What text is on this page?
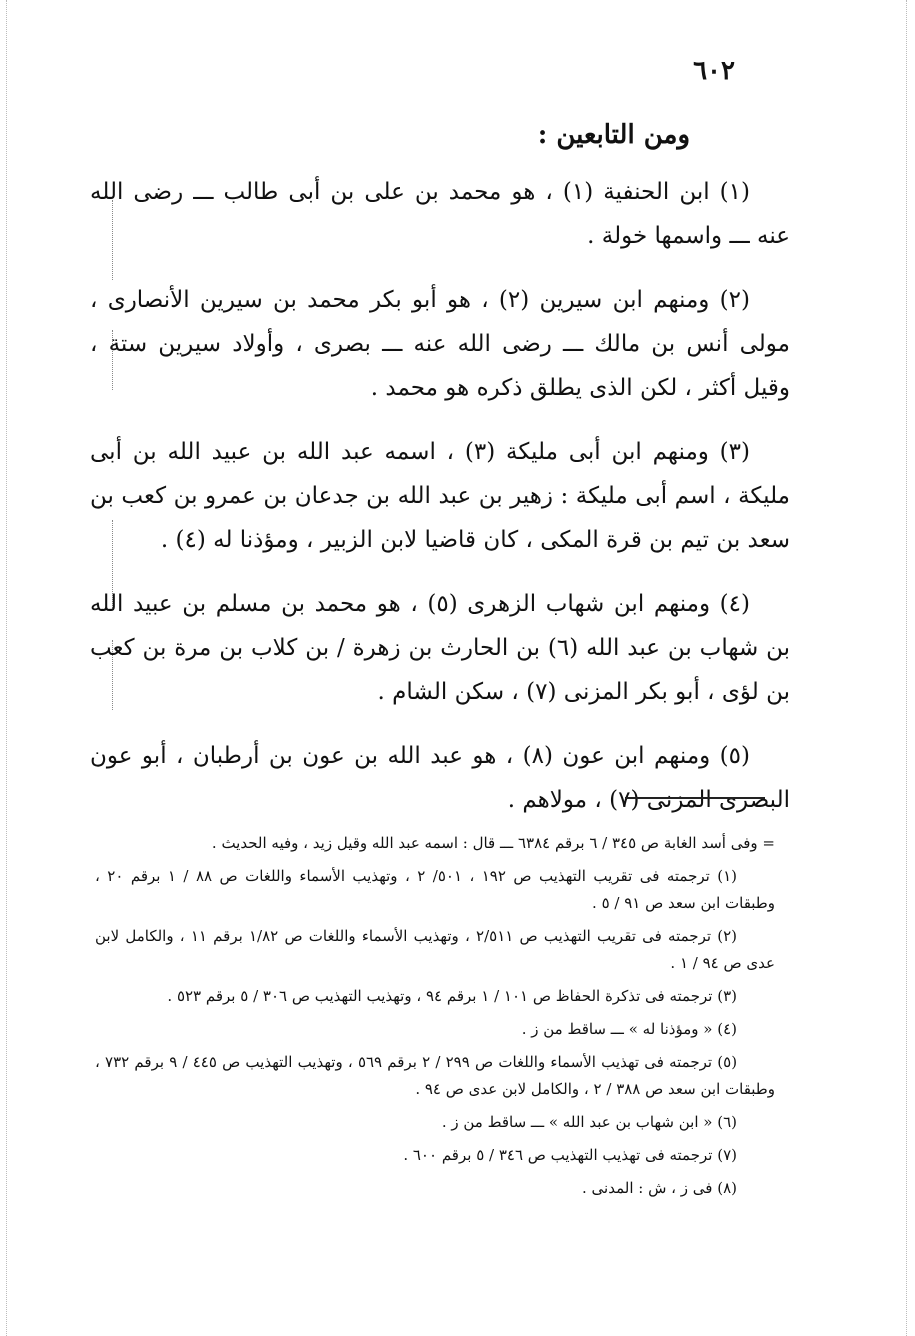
٦٠٢
ومن التابعين :

(١) ابن الحنفية (١) ، هو محمد بن على بن أبى طالب ـــ رضى الله عنه ـــ واسمها خولة .

(٢) ومنهم ابن سيرين (٢) ، هو أبو بكر محمد بن سيرين الأنصارى ، مولى أنس بن مالك ـــ رضى الله عنه ـــ بصرى ، وأولاد سيرين ستة ، وقيل أكثر ، لكن الذى يطلق ذكره هو محمد .

(٣) ومنهم ابن أبى مليكة (٣) ، اسمه عبد الله بن عبيد الله بن أبى مليكة ، اسم أبى مليكة : زهير بن عبد الله بن جدعان بن عمرو بن كعب بن سعد بن تيم بن قرة المكى ، كان قاضيا لابن الزبير ، ومؤذنا له (٤) .

(٤) ومنهم ابن شهاب الزهرى (٥) ، هو محمد بن مسلم بن عبيد الله بن شهاب بن عبد الله (٦) بن الحارث بن زهرة / بن كلاب بن مرة بن كعب بن لؤى ، أبو بكر المزنى (٧) ، سكن الشام .

(٥) ومنهم ابن عون (٨) ، هو عبد الله بن عون بن أرطبان ، أبو عون البصرى المزنى (٧) ، مولاهم .

= وفى أسد الغابة ص ٣٤٥ / ٦ برقم ٦٣٨٤ ـــ قال : اسمه عبد الله وقيل زيد ، وفيه الحديث .

(١) ترجمته فى تقريب التهذيب ص ١٩٢ ، ٥٠١/ ٢ ، وتهذيب الأسماء واللغات ص ٨٨ / ١ برقم ٢٠ ، وطبقات ابن سعد ص ٩١ / ٥ .

(٢) ترجمته فى تقريب التهذيب ص ٢/٥١١ ، وتهذيب الأسماء واللغات ص ١/٨٢ برقم ١١ ، والكامل لابن عدى ص ٩٤ / ١ .

(٣) ترجمته فى تذكرة الحفاظ ص ١٠١ / ١ برقم ٩٤ ، وتهذيب التهذيب ص ٣٠٦ / ٥ برقم ٥٢٣ .

(٤) « ومؤذنا له » ـــ ساقط من ز .

(٥) ترجمته فى تهذيب الأسماء واللغات ص ٢٩٩ / ٢ برقم ٥٦٩ ، وتهذيب التهذيب ص ٤٤٥ / ٩ برقم ٧٣٢ ، وطبقات ابن سعد ص ٣٨٨ / ٢ ، والكامل لابن عدى ص ٩٤ .

(٦) « ابن شهاب بن عبد الله » ـــ ساقط من ز .

(٧) ترجمته فى تهذيب التهذيب ص ٣٤٦ / ٥ برقم ٦٠٠ .

(٨) فى ز ، ش : المدنى .
